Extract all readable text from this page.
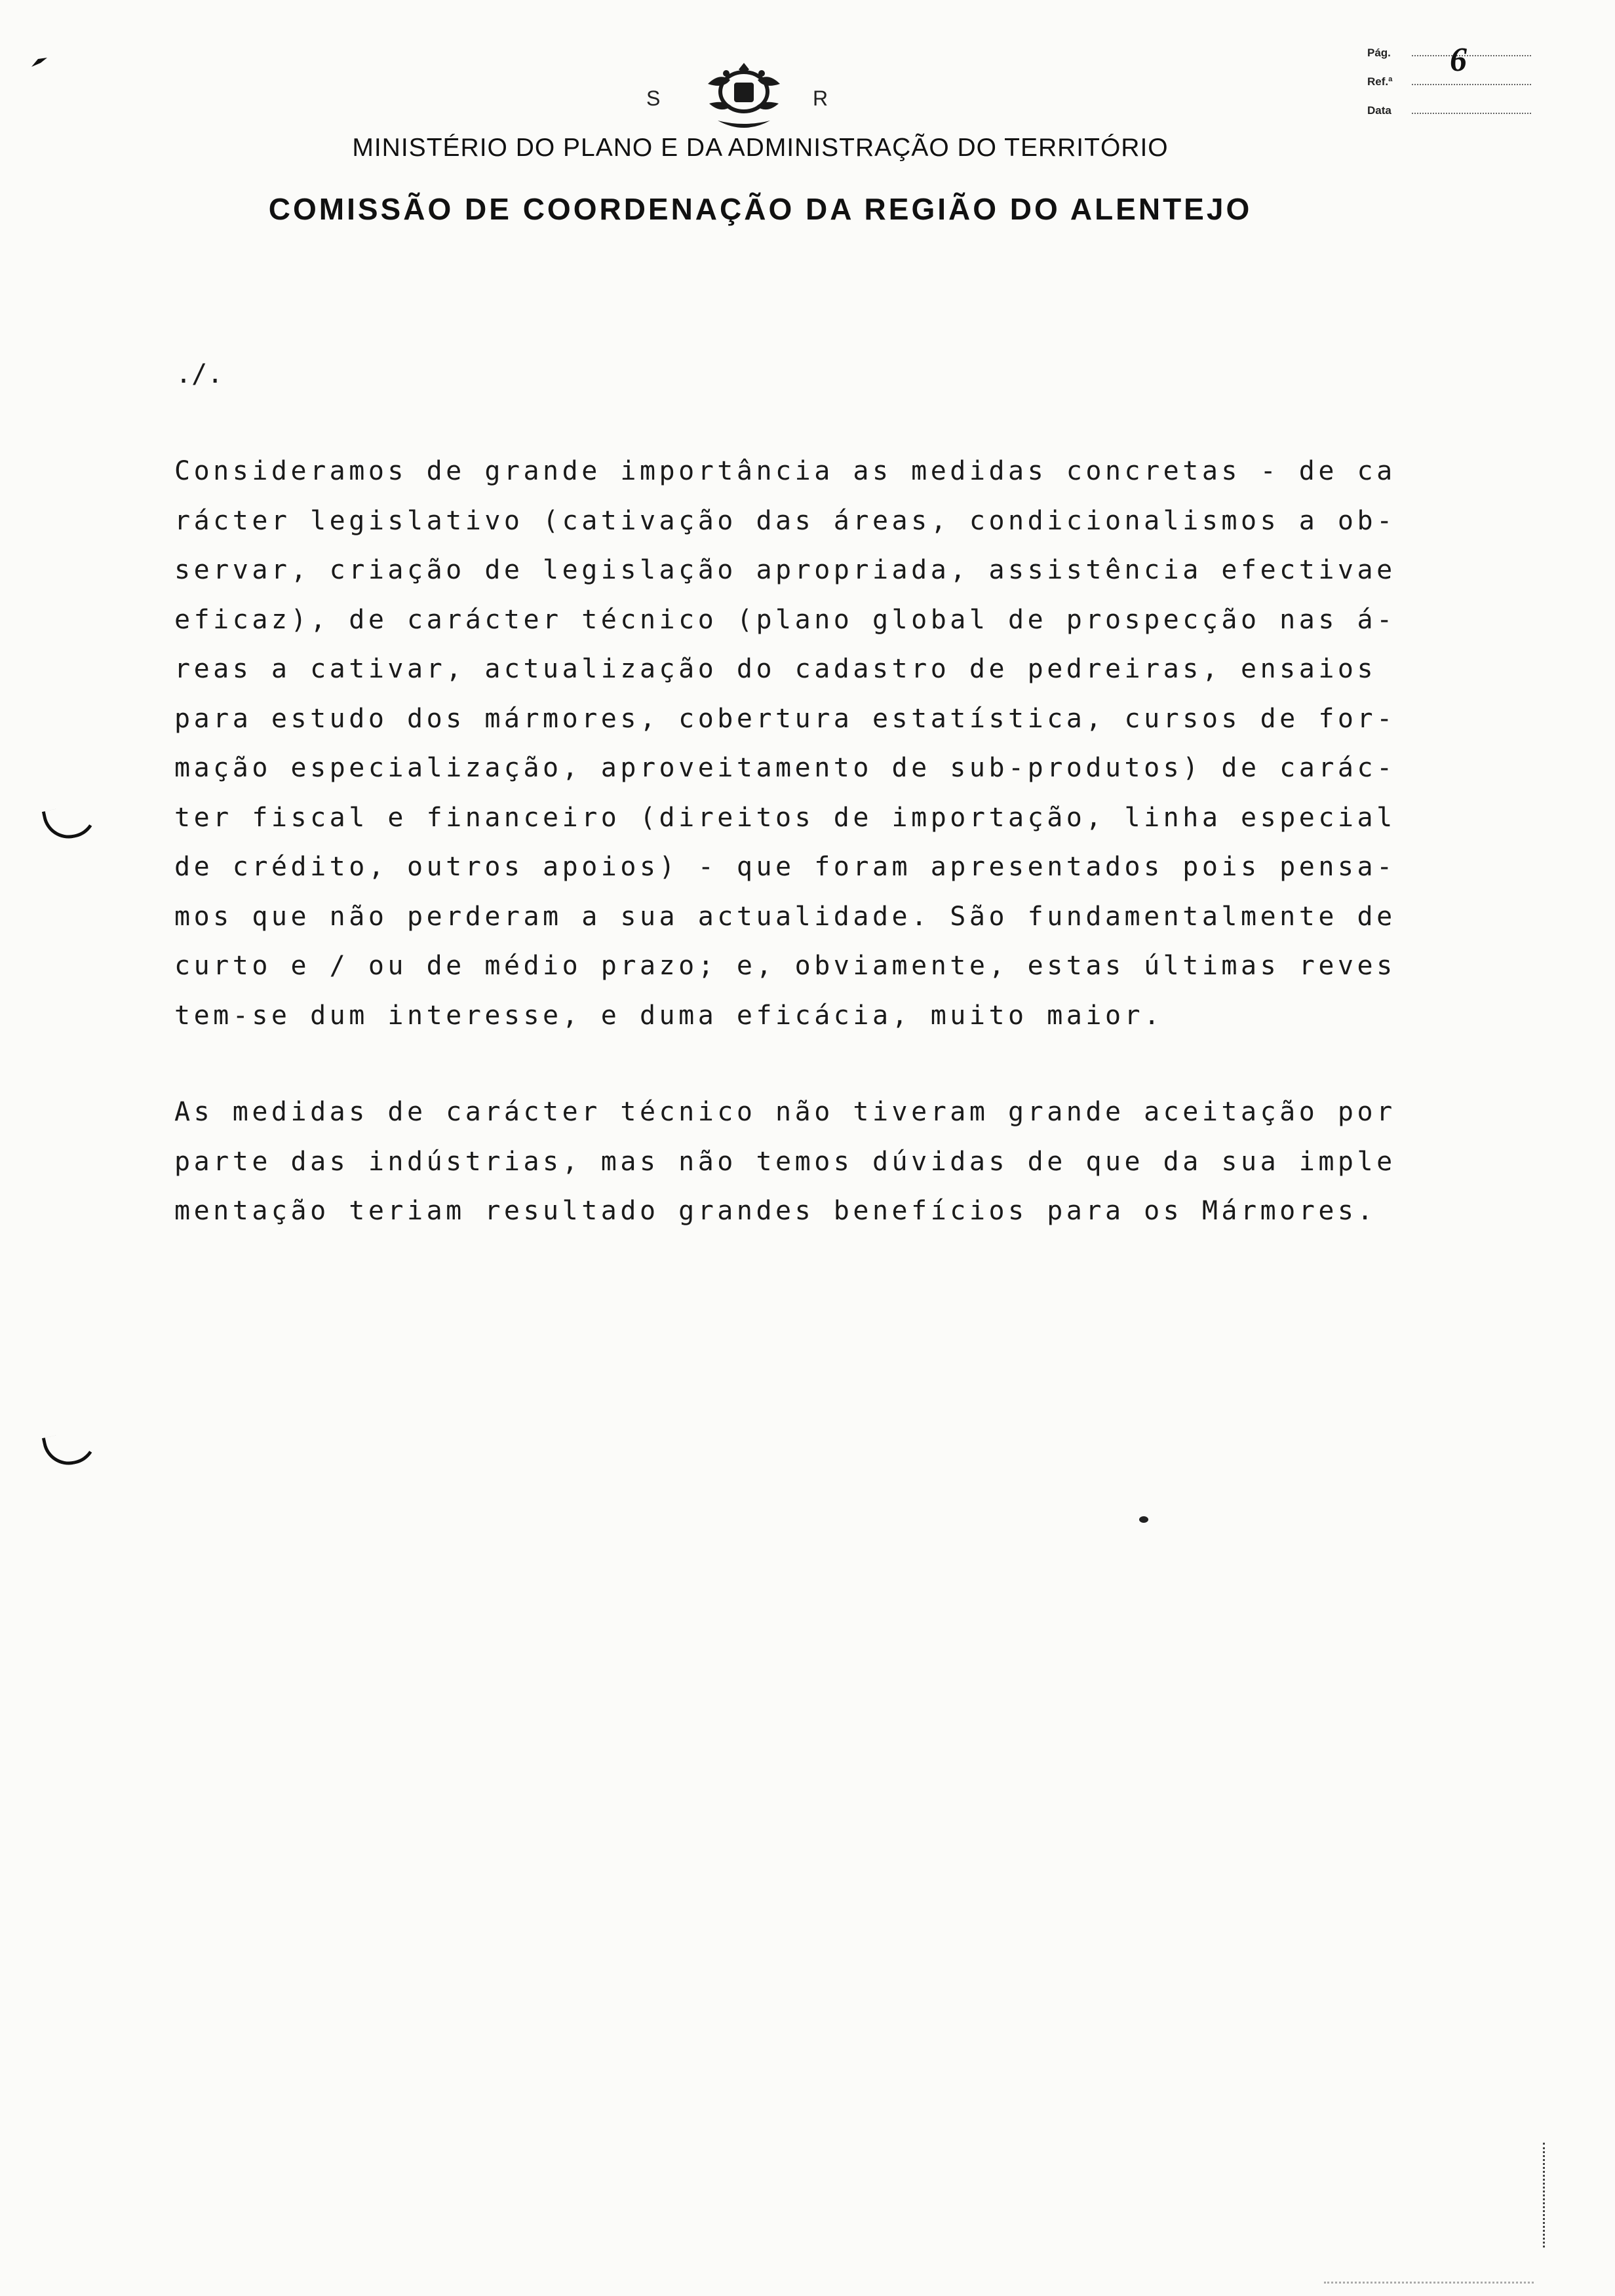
S	R
MINISTÉRIO DO PLANO E DA ADMINISTRAÇÃO DO TERRITÓRIO
COMISSÃO DE COORDENAÇÃO DA REGIÃO DO ALENTEJO
Pág.
Ref.ª
Data
6
./.
Consideramos de grande importância as medidas concretas - de ca
rácter legislativo (cativação das áreas, condicionalismos a ob-
servar, criação de legislação apropriada, assistência efectivae
eficaz), de carácter técnico (plano global de prospecção nas á-
reas a cativar, actualização do cadastro de pedreiras, ensaios
para estudo dos mármores, cobertura estatística, cursos de for-
mação especialização, aproveitamento de sub-produtos) de carác-
ter fiscal e financeiro (direitos de importação, linha especial
de crédito, outros apoios) - que foram apresentados pois pensa-
mos que não perderam a sua actualidade. São fundamentalmente de
curto e / ou de médio prazo; e, obviamente, estas últimas reves
tem-se dum interesse, e duma eficácia, muito maior.
As medidas de carácter técnico não tiveram grande aceitação por
parte das indústrias, mas não temos dúvidas de que da sua imple
mentação teriam resultado grandes benefícios para os Mármores.
